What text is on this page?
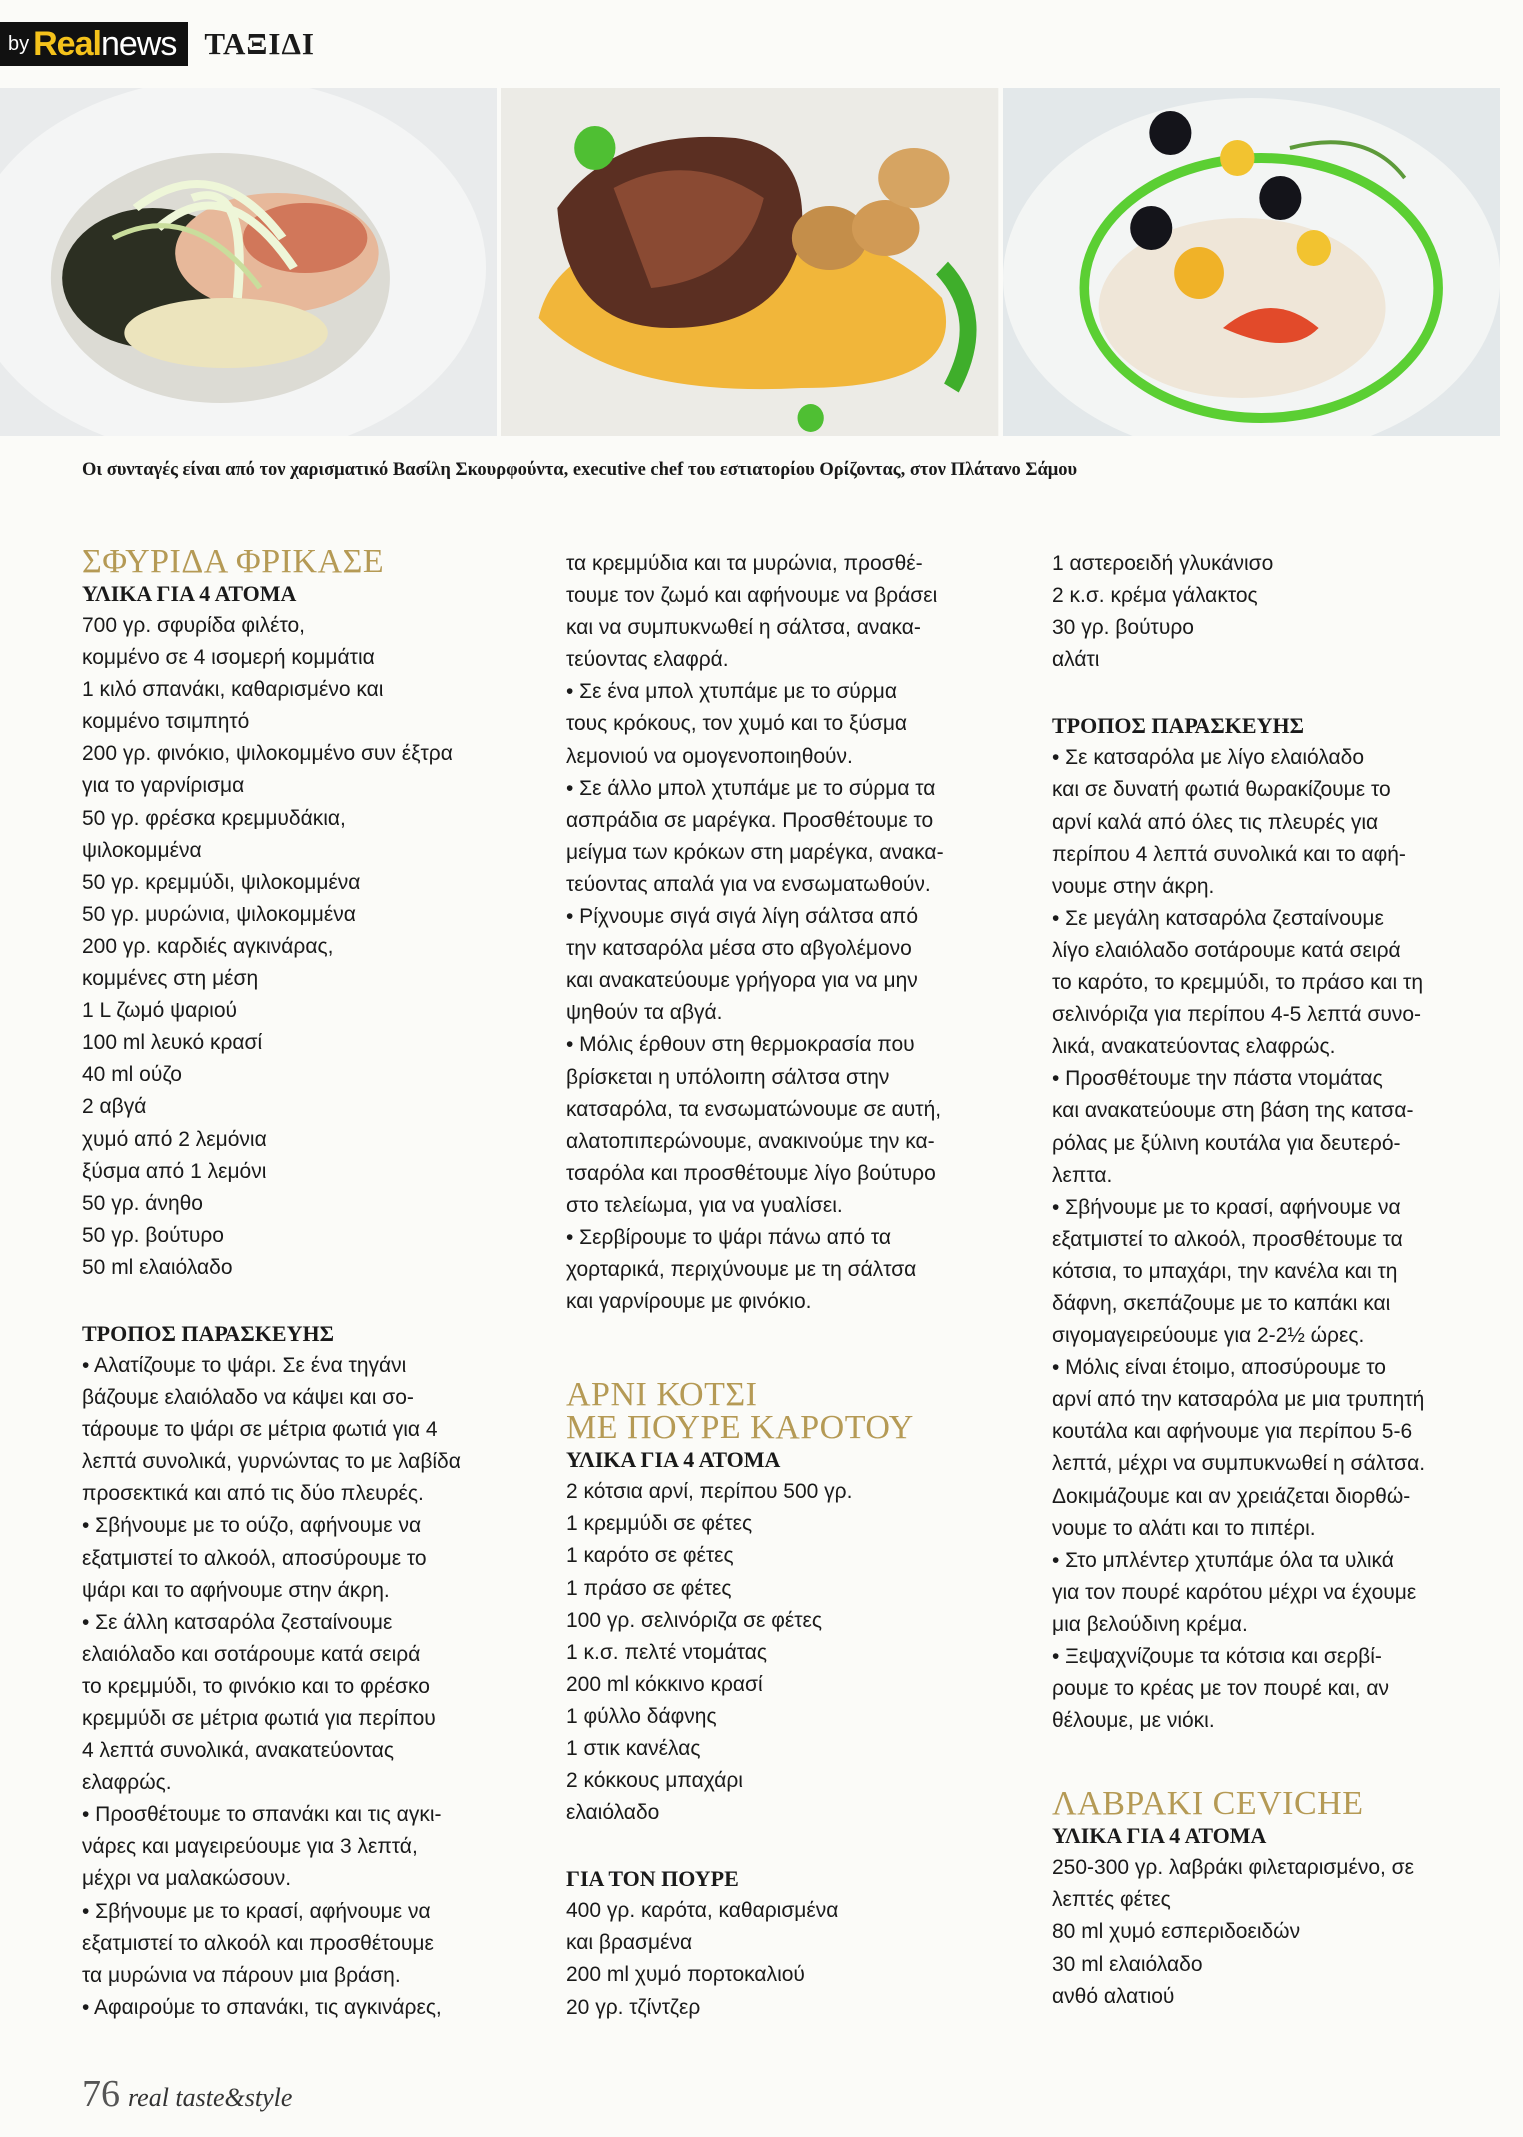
by Real news ΤΑΞΙΔΙ
Οι συνταγές είναι από τον χαρισματικό Βασίλη Σκουρφούντα, executive chef του εστιατορίου Ορίζοντας, στον Πλάτανο Σάμου
ΣΦΥΡΙΔΑ ΦΡΙΚΑΣΕ

ΥΛΙΚΑ ΓΙΑ 4 ΑΤΟΜΑ

700 γρ. σφυρίδα φιλέτο,

κομμένο σε 4 ισομερή κομμάτια

1 κιλό σπανάκι, καθαρισμένο και

κομμένο τσιμπητό

200 γρ. φινόκιο, ψιλοκομμένο συν έξτρα

για το γαρνίρισμα

50 γρ. φρέσκα κρεμμυδάκια,

ψιλοκομμένα

50 γρ. κρεμμύδι, ψιλοκομμένα

50 γρ. μυρώνια, ψιλοκομμένα

200 γρ. καρδιές αγκινάρας,

κομμένες στη μέση

1 L ζωμό ψαριού

100 ml λευκό κρασί

40 ml ούζο

2 αβγά

χυμό από 2 λεμόνια

ξύσμα από 1 λεμόνι

50 γρ. άνηθο

50 γρ. βούτυρο

50 ml ελαιόλαδο

ΤΡΟΠΟΣ ΠΑΡΑΣΚΕΥΗΣ

• Αλατίζουμε το ψάρι. Σε ένα τηγάνι

βάζουμε ελαιόλαδο να κάψει και σο-

τάρουμε το ψάρι σε μέτρια φωτιά για 4

λεπτά συνολικά, γυρνώντας το με λαβίδα

προσεκτικά και από τις δύο πλευρές.

• Σβήνουμε με το ούζο, αφήνουμε να

εξατμιστεί το αλκοόλ, αποσύρουμε το

ψάρι και το αφήνουμε στην άκρη.

• Σε άλλη κατσαρόλα ζεσταίνουμε

ελαιόλαδο και σοτάρουμε κατά σειρά

το κρεμμύδι, το φινόκιο και το φρέσκο

κρεμμύδι σε μέτρια φωτιά για περίπου

4 λεπτά συνολικά, ανακατεύοντας

ελαφρώς.

• Προσθέτουμε το σπανάκι και τις αγκι-

νάρες και μαγειρεύουμε για 3 λεπτά,

μέχρι να μαλακώσουν.

• Σβήνουμε με το κρασί, αφήνουμε να

εξατμιστεί το αλκοόλ και προσθέτουμε

τα μυρώνια να πάρουν μια βράση.

• Αφαιρούμε το σπανάκι, τις αγκινάρες,

τα κρεμμύδια και τα μυρώνια, προσθέ-

τουμε τον ζωμό και αφήνουμε να βράσει

και να συμπυκνωθεί η σάλτσα, ανακα-

τεύοντας ελαφρά.

• Σε ένα μπολ χτυπάμε με το σύρμα

τους κρόκους, τον χυμό και το ξύσμα

λεμονιού να ομογενοποιηθούν.

• Σε άλλο μπολ χτυπάμε με το σύρμα τα

ασπράδια σε μαρέγκα. Προσθέτουμε το

μείγμα των κρόκων στη μαρέγκα, ανακα-

τεύοντας απαλά για να ενσωματωθούν.

• Ρίχνουμε σιγά σιγά λίγη σάλτσα από

την κατσαρόλα μέσα στο αβγολέμονο

και ανακατεύουμε γρήγορα για να μην

ψηθούν τα αβγά.

• Μόλις έρθουν στη θερμοκρασία που

βρίσκεται η υπόλοιπη σάλτσα στην

κατσαρόλα, τα ενσωματώνουμε σε αυτή,

αλατοπιπερώνουμε, ανακινούμε την κα-

τσαρόλα και προσθέτουμε λίγο βούτυρο

στο τελείωμα, για να γυαλίσει.

• Σερβίρουμε το ψάρι πάνω από τα

χορταρικά, περιχύνουμε με τη σάλτσα

και γαρνίρουμε με φινόκιο.

ΑΡΝΙ ΚΟΤΣΙ
ΜΕ ΠΟΥΡΕ ΚΑΡΟΤΟΥ

ΥΛΙΚΑ ΓΙΑ 4 ΑΤΟΜΑ

2 κότσια αρνί, περίπου 500 γρ.

1 κρεμμύδι σε φέτες

1 καρότο σε φέτες

1 πράσο σε φέτες

100 γρ. σελινόριζα σε φέτες

1 κ.σ. πελτέ ντομάτας

200 ml κόκκινο κρασί

1 φύλλο δάφνης

1 στικ κανέλας

2 κόκκους μπαχάρι

ελαιόλαδο

ΓΙΑ ΤΟΝ ΠΟΥΡΕ

400 γρ. καρότα, καθαρισμένα

και βρασμένα

200 ml χυμό πορτοκαλιού

20 γρ. τζίντζερ

1 αστεροειδή γλυκάνισο

2 κ.σ. κρέμα γάλακτος

30 γρ. βούτυρο

αλάτι

ΤΡΟΠΟΣ ΠΑΡΑΣΚΕΥΗΣ

• Σε κατσαρόλα με λίγο ελαιόλαδο

και σε δυνατή φωτιά θωρακίζουμε το

αρνί καλά από όλες τις πλευρές για

περίπου 4 λεπτά συνολικά και το αφή-

νουμε στην άκρη.

• Σε μεγάλη κατσαρόλα ζεσταίνουμε

λίγο ελαιόλαδο σοτάρουμε κατά σειρά

το καρότο, το κρεμμύδι, το πράσο και τη

σελινόριζα για περίπου 4-5 λεπτά συνο-

λικά, ανακατεύοντας ελαφρώς.

• Προσθέτουμε την πάστα ντομάτας

και ανακατεύουμε στη βάση της κατσα-

ρόλας με ξύλινη κουτάλα για δευτερό-

λεπτα.

• Σβήνουμε με το κρασί, αφήνουμε να

εξατμιστεί το αλκοόλ, προσθέτουμε τα

κότσια, το μπαχάρι, την κανέλα και τη

δάφνη, σκεπάζουμε με το καπάκι και

σιγομαγειρεύουμε για 2-2½ ώρες.

• Μόλις είναι έτοιμο, αποσύρουμε το

αρνί από την κατσαρόλα με μια τρυπητή

κουτάλα και αφήνουμε για περίπου 5-6

λεπτά, μέχρι να συμπυκνωθεί η σάλτσα.

Δοκιμάζουμε και αν χρειάζεται διορθώ-

νουμε το αλάτι και το πιπέρι.

• Στο μπλέντερ χτυπάμε όλα τα υλικά

για τον πουρέ καρότου μέχρι να έχουμε

μια βελούδινη κρέμα.

• Ξεψαχνίζουμε τα κότσια και σερβί-

ρουμε το κρέας με τον πουρέ και, αν

θέλουμε, με νιόκι.

ΛΑΒΡΑΚΙ CEVICHE

ΥΛΙΚΑ ΓΙΑ 4 ΑΤΟΜΑ

250-300 γρ. λαβράκι φιλεταρισμένο, σε

λεπτές φέτες

80 ml χυμό εσπεριδοειδών

30 ml ελαιόλαδο

ανθό αλατιού

76 real taste&style
